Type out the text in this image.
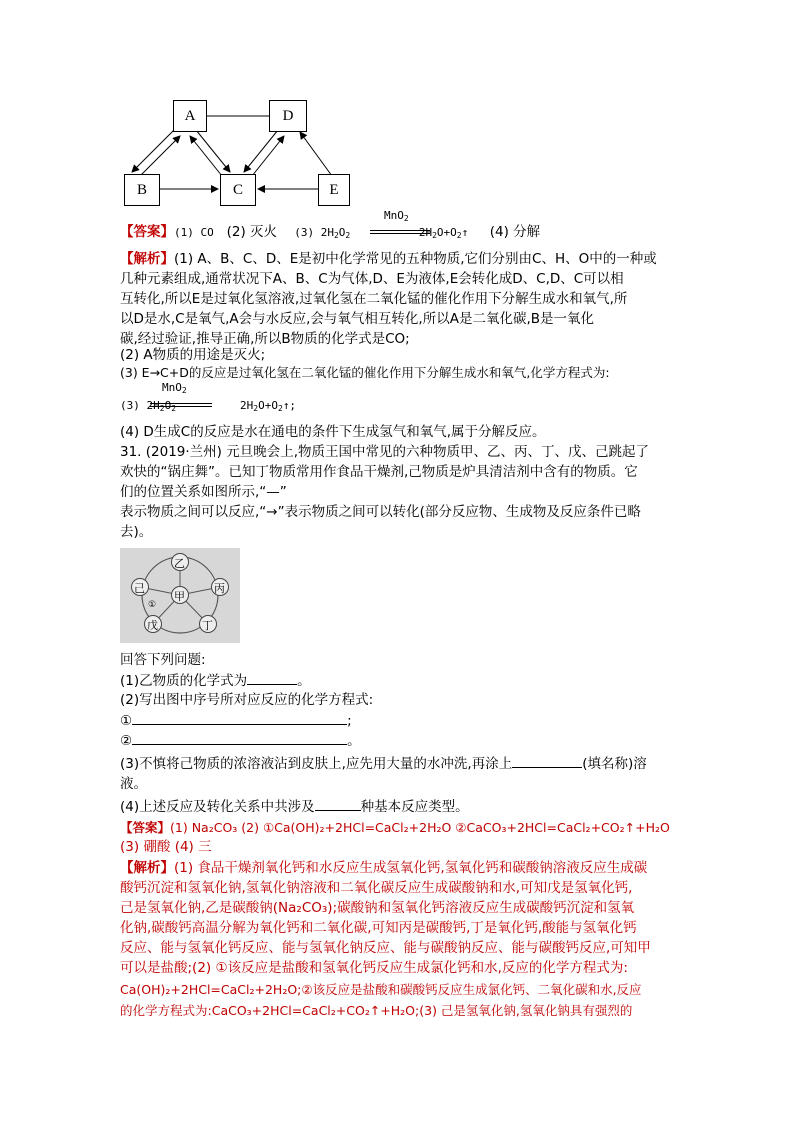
A	D
B	C	E
【答案】(1) CO (2) 灭火 (3) $2H_2O_2$	$2H_2O+O_2↑$ (4) 分解
MnO$_2$
【解析】(1) A、B、C、D、E是初中化学常见的五种物质,它们分别由C、H、O中的一种或
几种元素组成,通常状况下A、B、C为气体,D、E为液体,E会转化成D、C,D、C可以相
互转化,所以E是过氧化氢溶液,过氧化氢在二氧化锰的催化作用下分解生成水和氧气,所
以D是水,C是氧气,A会与水反应,会与氧气相互转化,所以A是二氧化碳,B是一氧化
碳,经过验证,推导正确,所以B物质的化学式是CO;
(2) A物质的用途是灭火;
(3) E→C+D的反应是过氧化氢在二氧化锰的催化作用下分解生成水和氧气,化学方程式为:
MnO$_2$
(3) $2H_2O_2$	$2H_2O+O_2↑$;
(4) D生成C的反应是水在通电的条件下生成氢气和氧气,属于分解反应。
31. (2019·兰州) 元旦晚会上,物质王国中常见的六种物质甲、乙、丙、丁、戊、己跳起了
欢快的“锅庄舞”。已知丁物质常用作食品干燥剂,己物质是炉具清洁剂中含有的物质。它
们的位置关系如图所示,“—”
表示物质之间可以反应,“→”表示物质之间可以转化(部分反应物、生成物及反应条件已略
去)。
乙
己	丙
甲
戊	丁
①
回答下列问题:
(1)乙物质的化学式为	。
(2)写出图中序号所对应反应的化学方程式:
①	;
②	。
(3)不慎将己物质的浓溶液沾到皮肤上,应先用大量的水冲洗,再涂上	(填名称)溶
液。
(4)上述反应及转化关系中共涉及	种基本反应类型。
【答案】(1) Na₂CO₃ (2) ①Ca(OH)₂+2HCl=CaCl₂+2H₂O ②CaCO₃+2HCl=CaCl₂+CO₂↑+H₂O
(3) 硼酸 (4) 三
【解析】(1) 食品干燥剂氧化钙和水反应生成氢氧化钙,氢氧化钙和碳酸钠溶液反应生成碳
酸钙沉淀和氢氧化钠,氢氧化钠溶液和二氧化碳反应生成碳酸钠和水,可知戊是氢氧化钙,
己是氢氧化钠,乙是碳酸钠(Na₂CO₃);碳酸钠和氢氧化钙溶液反应生成碳酸钙沉淀和氢氧
化钠,碳酸钙高温分解为氧化钙和二氧化碳,可知丙是碳酸钙,丁是氧化钙,酸能与氢氧化钙
反应、能与氢氧化钙反应、能与氢氧化钠反应、能与碳酸钠反应、能与碳酸钙反应,可知甲
可以是盐酸;(2) ①该反应是盐酸和氢氧化钙反应生成氯化钙和水,反应的化学方程式为:
Ca(OH)₂+2HCl=CaCl₂+2H₂O;②该反应是盐酸和碳酸钙反应生成氯化钙、二氧化碳和水,反应
的化学方程式为:CaCO₃+2HCl=CaCl₂+CO₂↑+H₂O;(3) 己是氢氧化钠,氢氧化钠具有强烈的
